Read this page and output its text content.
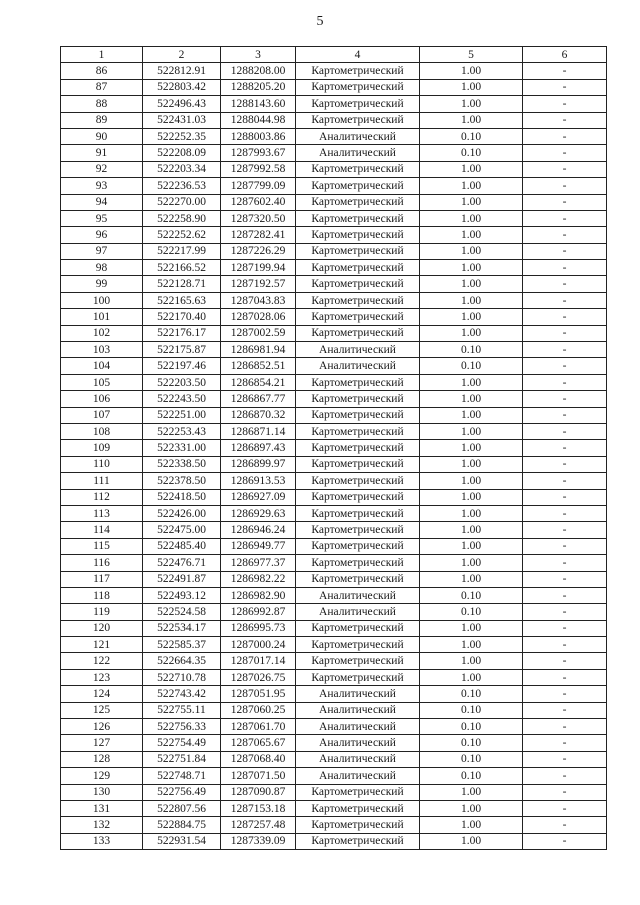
5
1	2	3	4	5	6
86	522812.91	1288208.00	Картометрический	1.00	-
87	522803.42	1288205.20	Картометрический	1.00	-
88	522496.43	1288143.60	Картометрический	1.00	-
89	522431.03	1288044.98	Картометрический	1.00	-
90	522252.35	1288003.86	Аналитический	0.10	-
91	522208.09	1287993.67	Аналитический	0.10	-
92	522203.34	1287992.58	Картометрический	1.00	-
93	522236.53	1287799.09	Картометрический	1.00	-
94	522270.00	1287602.40	Картометрический	1.00	-
95	522258.90	1287320.50	Картометрический	1.00	-
96	522252.62	1287282.41	Картометрический	1.00	-
97	522217.99	1287226.29	Картометрический	1.00	-
98	522166.52	1287199.94	Картометрический	1.00	-
99	522128.71	1287192.57	Картометрический	1.00	-
100	522165.63	1287043.83	Картометрический	1.00	-
101	522170.40	1287028.06	Картометрический	1.00	-
102	522176.17	1287002.59	Картометрический	1.00	-
103	522175.87	1286981.94	Аналитический	0.10	-
104	522197.46	1286852.51	Аналитический	0.10	-
105	522203.50	1286854.21	Картометрический	1.00	-
106	522243.50	1286867.77	Картометрический	1.00	-
107	522251.00	1286870.32	Картометрический	1.00	-
108	522253.43	1286871.14	Картометрический	1.00	-
109	522331.00	1286897.43	Картометрический	1.00	-
110	522338.50	1286899.97	Картометрический	1.00	-
111	522378.50	1286913.53	Картометрический	1.00	-
112	522418.50	1286927.09	Картометрический	1.00	-
113	522426.00	1286929.63	Картометрический	1.00	-
114	522475.00	1286946.24	Картометрический	1.00	-
115	522485.40	1286949.77	Картометрический	1.00	-
116	522476.71	1286977.37	Картометрический	1.00	-
117	522491.87	1286982.22	Картометрический	1.00	-
118	522493.12	1286982.90	Аналитический	0.10	-
119	522524.58	1286992.87	Аналитический	0.10	-
120	522534.17	1286995.73	Картометрический	1.00	-
121	522585.37	1287000.24	Картометрический	1.00	-
122	522664.35	1287017.14	Картометрический	1.00	-
123	522710.78	1287026.75	Картометрический	1.00	-
124	522743.42	1287051.95	Аналитический	0.10	-
125	522755.11	1287060.25	Аналитический	0.10	-
126	522756.33	1287061.70	Аналитический	0.10	-
127	522754.49	1287065.67	Аналитический	0.10	-
128	522751.84	1287068.40	Аналитический	0.10	-
129	522748.71	1287071.50	Аналитический	0.10	-
130	522756.49	1287090.87	Картометрический	1.00	-
131	522807.56	1287153.18	Картометрический	1.00	-
132	522884.75	1287257.48	Картометрический	1.00	-
133	522931.54	1287339.09	Картометрический	1.00	-
